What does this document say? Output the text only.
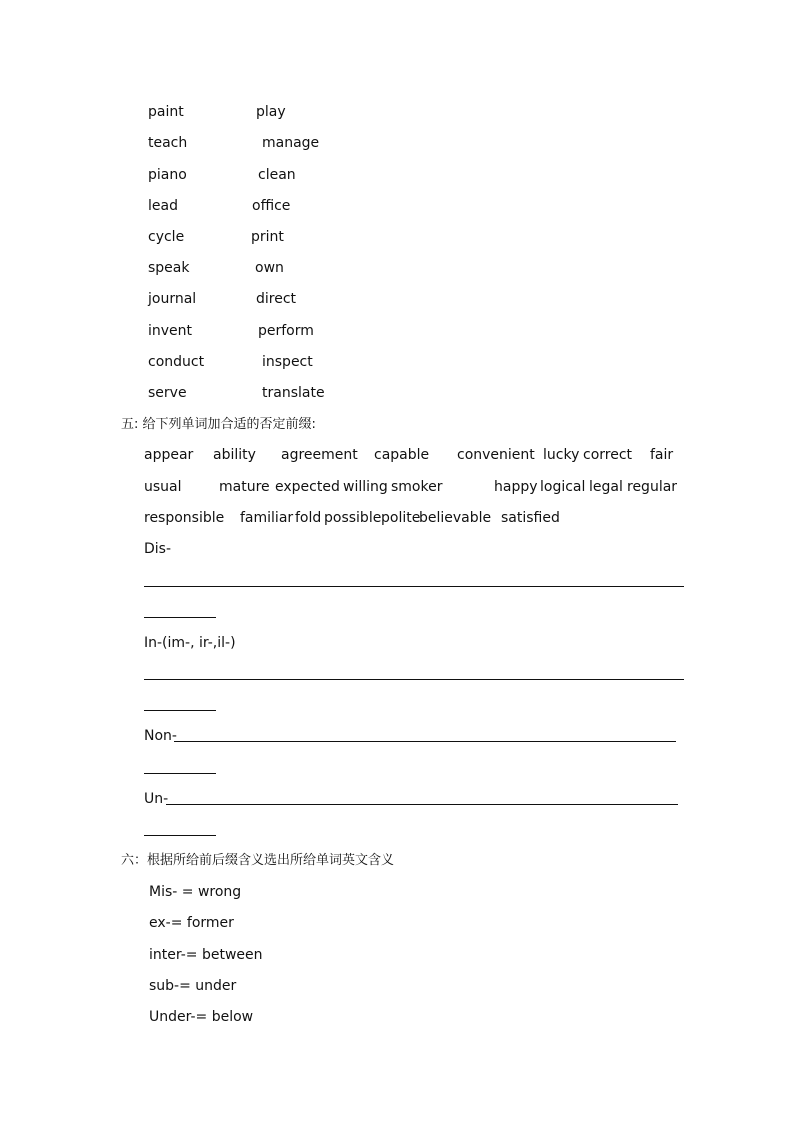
paint	play
teach	manage
piano	clean
lead	office
cycle	print
speak	own
journal	direct
invent	perform
conduct	inspect
serve	translate
五: 给下列单词加合适的否定前缀:
appear ability agreement capable convenient lucky correct fair
usual	mature expected willing smoker	happy logical legal regular
responsible familiar fold possible polite
believable satisfied
Dis-
In-(im-, ir-,il-)
Non-
Un-
六：根据所给前后缀含义选出所给单词英文含义
Mis- = wrong
ex-= former
inter-= between
sub-= under
Under-= below
